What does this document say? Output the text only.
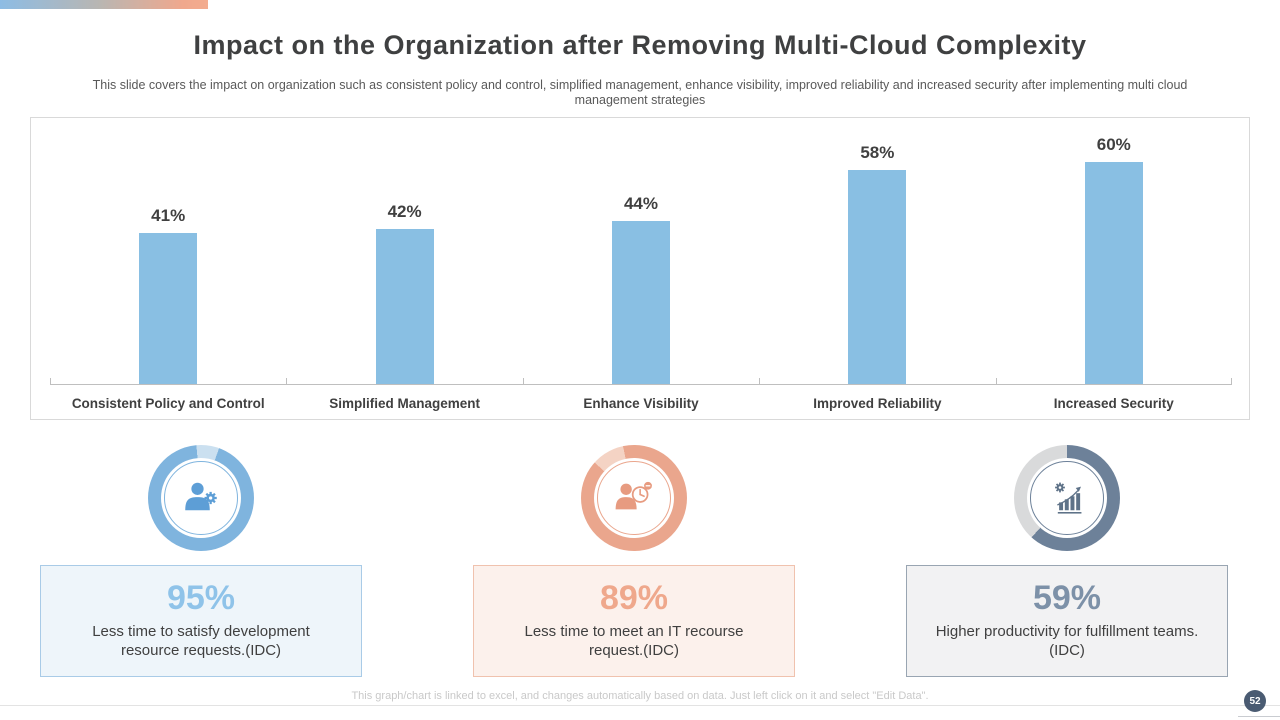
Impact on the Organization after Removing Multi-Cloud Complexity
This slide covers the impact on organization such as consistent policy and control, simplified management, enhance visibility, improved reliability and increased security after implementing multi cloud management strategies
41%	42%	44%
58%	60%
Consistent Policy and Control	Simplified Management	Enhance Visibility	Improved Reliability	Increased Security
95%
Less time to satisfy development resource requests.(IDC)
89%
Less time to meet an IT recourse request.(IDC)
59%
Higher productivity for fulfillment teams.(IDC)
This graph/chart is linked to excel, and changes automatically based on data. Just left click on it and select "Edit Data".	52
